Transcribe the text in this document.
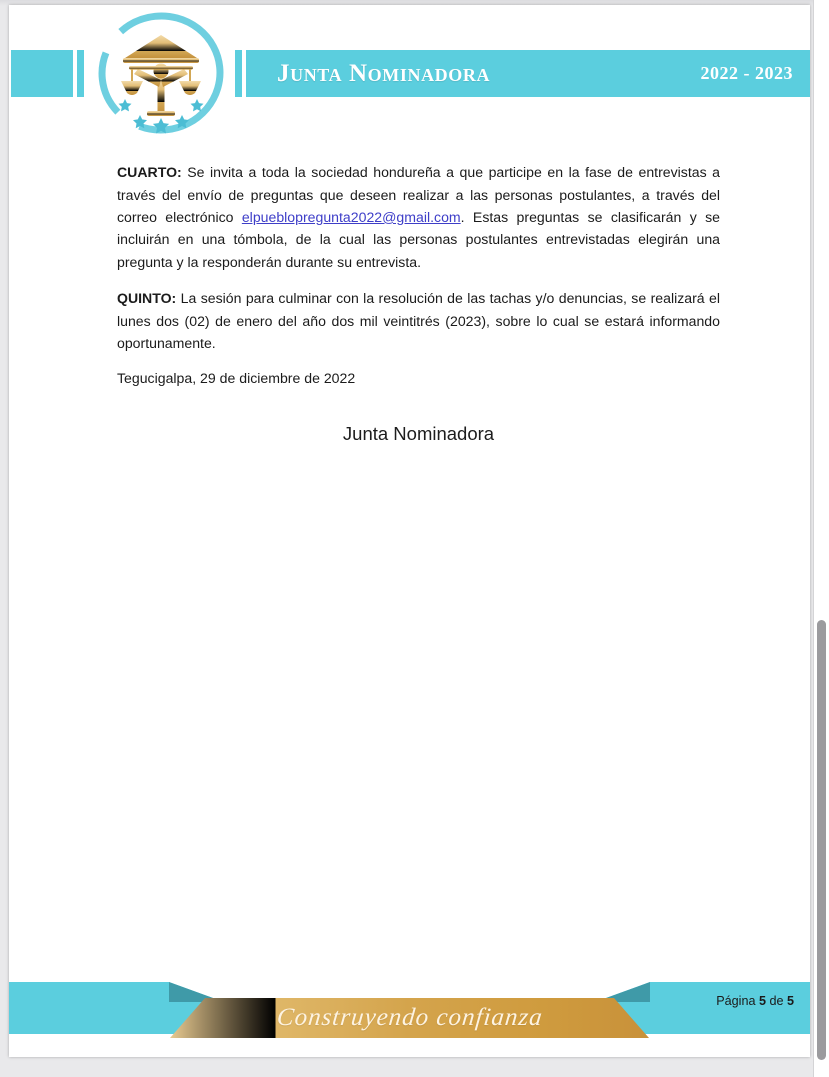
Junta Nominadora	2022 - 2023

CUARTO: Se invita a toda la sociedad hondureña a que participe en la fase de entrevistas a través del envío de preguntas que deseen realizar a las personas postulantes, a través del correo electrónico elpueblopregunta2022@gmail.com. Estas preguntas se clasificarán y se incluirán en una tómbola, de la cual las personas postulantes entrevistadas elegirán una pregunta y la responderán durante su entrevista.

QUINTO: La sesión para culminar con la resolución de las tachas y/o denuncias, se realizará el lunes dos (02) de enero del año dos mil veintitrés (2023), sobre lo cual se estará informando oportunamente.

Tegucigalpa, 29 de diciembre de 2022

Junta Nominadora
Construyendo confianza
Página 5 de 5
